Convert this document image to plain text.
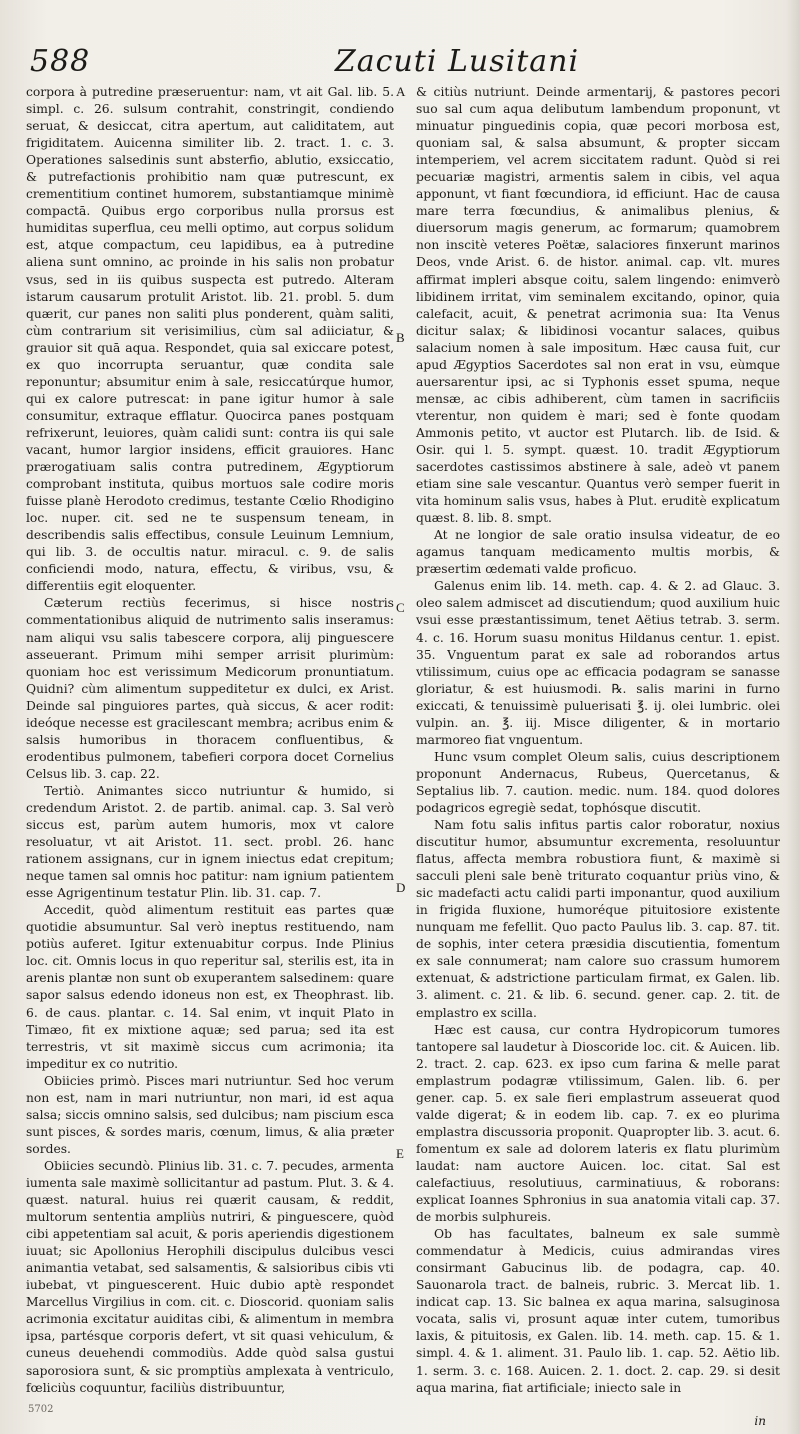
588	Zacuti Lusitani

corpora à putredine præseruentur: nam, vt ait Gal. lib. 5. simpl. c. 26. sulsum contrahit, constringit, condiendo seruat, & desiccat, citra apertum, aut caliditatem, aut frigiditatem. Auicenna similiter lib. 2. tract. 1. c. 3. Operationes salsedinis sunt absterfio, ablutio, exsiccatio, & putrefactionis prohibitio nam quæ putrescunt, ex crementitium continet humorem, substantiamque minimè compactā. Quibus ergo corporibus nulla prorsus est humiditas superflua, ceu melli optimo, aut corpus solidum est, atque compactum, ceu lapidibus, ea à putredine aliena sunt omnino, ac proinde in his salis non probatur vsus, sed in iis quibus suspecta est putredo. Alteram istarum causarum protulit Aristot. lib. 21. probl. 5. dum quærit, cur panes non saliti plus ponderent, quàm saliti, cùm contrarium sit verisimilius, cùm sal adiiciatur, & grauior sit quā aqua. Respondet, quia sal exiccare potest, ex quo incorrupta seruantur, quæ condita sale reponuntur; absumitur enim à sale, resiccatúrque humor, qui ex calore putrescat: in pane igitur humor à sale consumitur, extraque efflatur. Quocirca panes postquam refrixerunt, leuiores, quàm calidi sunt: contra iis qui sale vacant, humor largior insidens, efficit grauiores. Hanc prærogatiuam salis contra putredinem, Ægyptiorum comprobant instituta, quibus mortuos sale codire moris fuisse planè Herodoto credimus, testante Cœlio Rhodigino loc. nuper. cit. sed ne te suspensum teneam, in describendis salis effectibus, consule Leuinum Lemnium, qui lib. 3. de occultis natur. miracul. c. 9. de salis conficiendi modo, natura, effectu, & viribus, vsu, & differentiis egit eloquenter.

Cæterum rectiùs fecerimus, si hisce nostris commentationibus aliquid de nutrimento salis inseramus: nam aliqui vsu salis tabescere corpora, alij pinguescere asseuerant. Primum mihi semper arrisit plurimùm: quoniam hoc est verissimum Medicorum pronuntiatum. Quidni? cùm alimentum suppeditetur ex dulci, ex Arist. Deinde sal pinguiores partes, quà siccus, & acer rodit: ideóque necesse est gracilescant membra; acribus enim & salsis humoribus in thoracem confluentibus, & erodentibus pulmonem, tabefieri corpora docet Cornelius Celsus lib. 3. cap. 22.

Tertiò. Animantes sicco nutriuntur & humido, si credendum Aristot. 2. de partib. animal. cap. 3. Sal verò siccus est, parùm autem humoris, mox vt calore resoluatur, vt ait Aristot. 11. sect. probl. 26. hanc rationem assignans, cur in ignem iniectus edat crepitum; neque tamen sal omnis hoc patitur: nam ignium patientem esse Agrigentinum testatur Plin. lib. 31. cap. 7.

Accedit, quòd alimentum restituit eas partes quæ quotidie absumuntur. Sal verò ineptus restituendo, nam potiùs auferet. Igitur extenuabitur corpus. Inde Plinius loc. cit. Omnis locus in quo reperitur sal, sterilis est, ita in arenis plantæ non sunt ob exuperantem salsedinem: quare sapor salsus edendo idoneus non est, ex Theophrast. lib. 6. de caus. plantar. c. 14. Sal enim, vt inquit Plato in Timæo, fit ex mixtione aquæ; sed parua; sed ita est terrestris, vt sit maximè siccus cum acrimonia; ita impeditur ex co nutritio.

Obiicies primò. Pisces mari nutriuntur. Sed hoc verum non est, nam in mari nutriuntur, non mari, id est aqua salsa; siccis omnino salsis, sed dulcibus; nam piscium esca sunt pisces, & sordes maris, cœnum, limus, & alia præter sordes.

Obiicies secundò. Plinius lib. 31. c. 7. pecudes, armenta iumenta sale maximè sollicitantur ad pastum. Plut. 3. & 4. quæst. natural. huius rei quærit causam, & reddit, multorum sententia ampliùs nutriri, & pinguescere, quòd cibi appetentiam sal acuit, & poris aperiendis digestionem iuuat; sic Apollonius Herophili discipulus dulcibus vesci animantia vetabat, sed salsamentis, & salsioribus cibis vti iubebat, vt pinguescerent. Huic dubio aptè respondet Marcellus Virgilius in com. cit. c. Dioscorid. quoniam salis acrimonia excitatur auiditas cibi, & alimentum in membra ipsa, partésque corporis defert, vt sit quasi vehiculum, & cuneus deuehendi commodiùs. Adde quòd salsa gustui saporosiora sunt, & sic promptiùs amplexata à ventriculo, fœliciùs coquuntur, faciliùs distribuuntur,

A
B
C
D
E

& citiùs nutriunt. Deinde armentarij, & pastores pecori suo sal cum aqua delibutum lambendum proponunt, vt minuatur pinguedinis copia, quæ pecori morbosa est, quoniam sal, & salsa absumunt, & propter siccam intemperiem, vel acrem siccitatem radunt. Quòd si rei pecuariæ magistri, armentis salem in cibis, vel aqua apponunt, vt fiant fœcundiora, id efficiunt. Hac de causa mare terra fœcundius, & animalibus plenius, & diuersorum magis generum, ac formarum; quamobrem non inscitè veteres Poëtæ, salaciores finxerunt marinos Deos, vnde Arist. 6. de histor. animal. cap. vlt. mures affirmat impleri absque coitu, salem lingendo: enimverò libidinem irritat, vim seminalem excitando, opinor, quia calefacit, acuit, & penetrat acrimonia sua: Ita Venus dicitur salax; & libidinosi vocantur salaces, quibus salacium nomen à sale impositum. Hæc causa fuit, cur apud Ægyptios Sacerdotes sal non erat in vsu, eùmque auersarentur ipsi, ac si Typhonis esset spuma, neque mensæ, ac cibis adhiberent, cùm tamen in sacrificiis vterentur, non quidem è mari; sed è fonte quodam Ammonis petito, vt auctor est Plutarch. lib. de Isid. & Osir. qui l. 5. sympt. quæst. 10. tradit Ægyptiorum sacerdotes castissimos abstinere à sale, adeò vt panem etiam sine sale vescantur. Quantus verò semper fuerit in vita hominum salis vsus, habes à Plut. eruditè explicatum quæst. 8. lib. 8. smpt.

At ne longior de sale oratio insulsa videatur, de eo agamus tanquam medicamento multis morbis, & præsertim œdemati valde proficuo.

Galenus enim lib. 14. meth. cap. 4. & 2. ad Glauc. 3. oleo salem admiscet ad discutiendum; quod auxilium huic vsui esse præstantissimum, tenet Aëtius tetrab. 3. serm. 4. c. 16. Horum suasu monitus Hildanus centur. 1. epist. 35. Vnguentum parat ex sale ad roborandos artus vtilissimum, cuius ope ac efficacia podagram se sanasse gloriatur, & est huiusmodi. ℞. salis marini in furno exiccati, & tenuissimè puluerisati ℥. ij. olei lumbric. olei vulpin. an. ℥. iij. Misce diligenter, & in mortario marmoreo fiat vnguentum.

Hunc vsum complet Oleum salis, cuius descriptionem proponunt Andernacus, Rubeus, Quercetanus, & Septalius lib. 7. caution. medic. num. 184. quod dolores podagricos egregiè sedat, tophósque discutit.

Nam fotu salis infitus partis calor roboratur, noxius discutitur humor, absumuntur excrementa, resoluuntur flatus, affecta membra robustiora fiunt, & maximè si sacculi pleni sale benè triturato coquantur priùs vino, & sic madefacti actu calidi parti imponantur, quod auxilium in frigida fluxione, humoréque pituitosiore existente nunquam me fefellit. Quo pacto Paulus lib. 3. cap. 87. tit. de sophis, inter cetera præsidia discutientia, fomentum ex sale connumerat; nam calore suo crassum humorem extenuat, & adstrictione particulam firmat, ex Galen. lib. 3. aliment. c. 21. & lib. 6. secund. gener. cap. 2. tit. de emplastro ex scilla.

Hæc est causa, cur contra Hydropicorum tumores tantopere sal laudetur à Dioscoride loc. cit. & Auicen. lib. 2. tract. 2. cap. 623. ex ipso cum farina & melle parat emplastrum podagræ vtilissimum, Galen. lib. 6. per gener. cap. 5. ex sale fieri emplastrum asseuerat quod valde digerat; & in eodem lib. cap. 7. ex eo plurima emplastra discussoria proponit. Quapropter lib. 3. acut. 6. fomentum ex sale ad dolorem lateris ex flatu plurimùm laudat: nam auctore Auicen. loc. citat. Sal est calefactiuus, resolutiuus, carminatiuus, & roborans: explicat Ioannes Sphronius in sua anatomia vitali cap. 37. de morbis sulphureis.

Ob has facultates, balneum ex sale summè commendatur à Medicis, cuius admirandas vires consirmant Gabucinus lib. de podagra, cap. 40. Sauonarola tract. de balneis, rubric. 3. Mercat lib. 1. indicat cap. 13. Sic balnea ex aqua marina, salsuginosa vocata, salis vi, prosunt aquæ inter cutem, tumoribus laxis, & pituitosis, ex Galen. lib. 14. meth. cap. 15. & 1. simpl. 4. & 1. aliment. 31. Paulo lib. 1. cap. 52. Aëtio lib. 1. serm. 3. c. 168. Auicen. 2. 1. doct. 2. cap. 29. si desit aqua marina, fiat artificiale; iniecto sale in

5702
in
